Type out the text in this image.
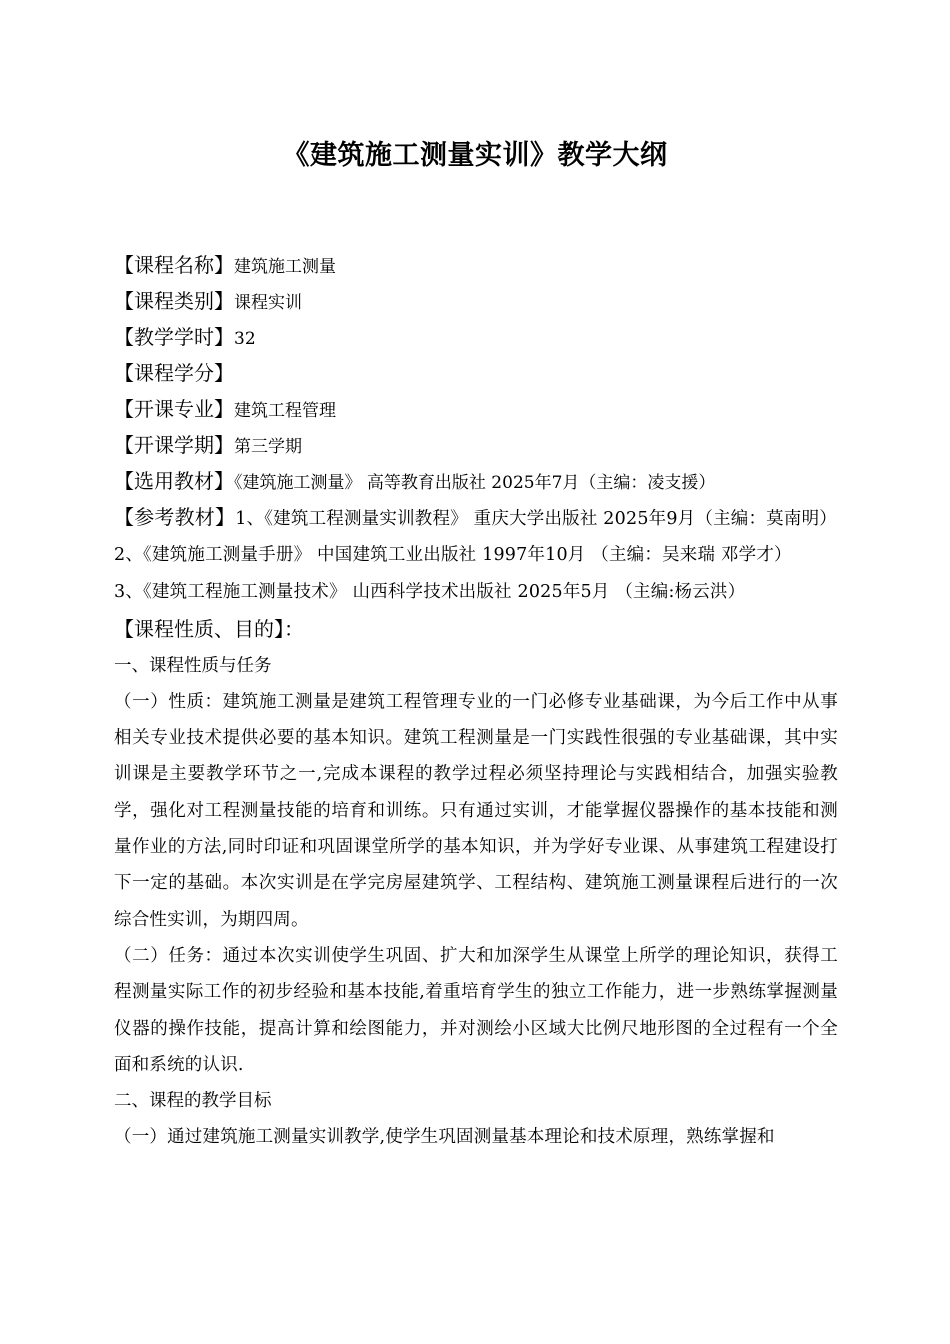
《建筑施工测量实训》教学大纲
【课程名称】建筑施工测量
【课程类别】课程实训
【教学学时】32
【课程学分】
【开课专业】建筑工程管理
【开课学期】第三学期
【选用教材】《建筑施工测量》 高等教育出版社 2025年7月（主编：凌支援）
【参考教材】1、《建筑工程测量实训教程》 重庆大学出版社 2025年9月（主编：莫南明）
2、《建筑施工测量手册》 中国建筑工业出版社 1997年10月 （主编：吴来瑞 邓学才）
3、《建筑工程施工测量技术》 山西科学技术出版社 2025年5月 （主编:杨云洪）
【课程性质、目的】：
一、课程性质与任务
（一）性质：建筑施工测量是建筑工程管理专业的一门必修专业基础课，为今后工作中从事相关专业技术提供必要的基本知识。建筑工程测量是一门实践性很强的专业基础课，其中实训课是主要教学环节之一,完成本课程的教学过程必须坚持理论与实践相结合，加强实验教学，强化对工程测量技能的培育和训练。只有通过实训，才能掌握仪器操作的基本技能和测量作业的方法,同时印证和巩固课堂所学的基本知识，并为学好专业课、从事建筑工程建设打下一定的基础。本次实训是在学完房屋建筑学、工程结构、建筑施工测量课程后进行的一次综合性实训，为期四周。
（二）任务：通过本次实训使学生巩固、扩大和加深学生从课堂上所学的理论知识，获得工程测量实际工作的初步经验和基本技能,着重培育学生的独立工作能力，进一步熟练掌握测量仪器的操作技能，提高计算和绘图能力，并对测绘小区域大比例尺地形图的全过程有一个全面和系统的认识.
二、课程的教学目标
（一）通过建筑施工测量实训教学,使学生巩固测量基本理论和技术原理，熟练掌握和
